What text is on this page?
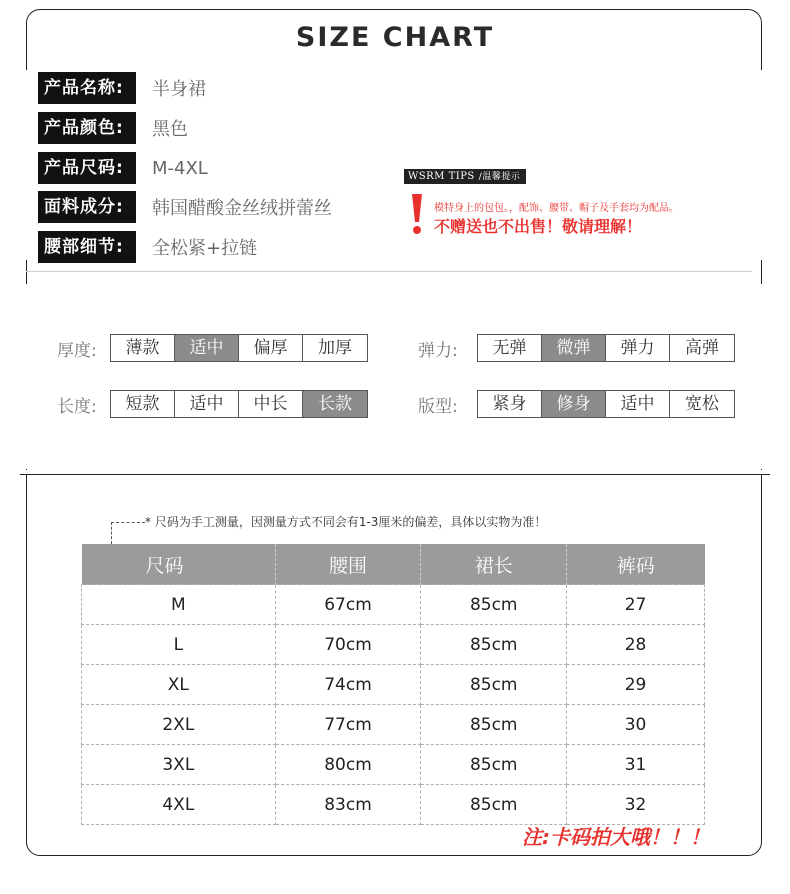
SIZE CHART
产品名称:	半身裙
产品颜色:	黑色
产品尺码:	M-4XL
面料成分:	韩国醋酸金丝绒拼蕾丝
腰部细节:	全松紧+拉链
WSRM TIPS /温馨提示
模特身上的包包。，配饰、腰带、帽子及手套均为配品。
不赠送也不出售！敬请理解！
厚度:	薄款	适中	偏厚	加厚	弹力:	无弹	微弹	弹力	高弹
长度:	短款	适中	中长	长款	版型:	紧身	修身	适中	宽松
* 尺码为手工测量，因测量方式不同会有1-3厘米的偏差，具体以实物为准！
尺码	腰围	裙长	裤码
M	67cm	85cm	27
L	70cm	85cm	28
XL	74cm	85cm	29
2XL	77cm	85cm	30
3XL	80cm	85cm	31
4XL	83cm	85cm	32
注:卡码拍大哦！！！
